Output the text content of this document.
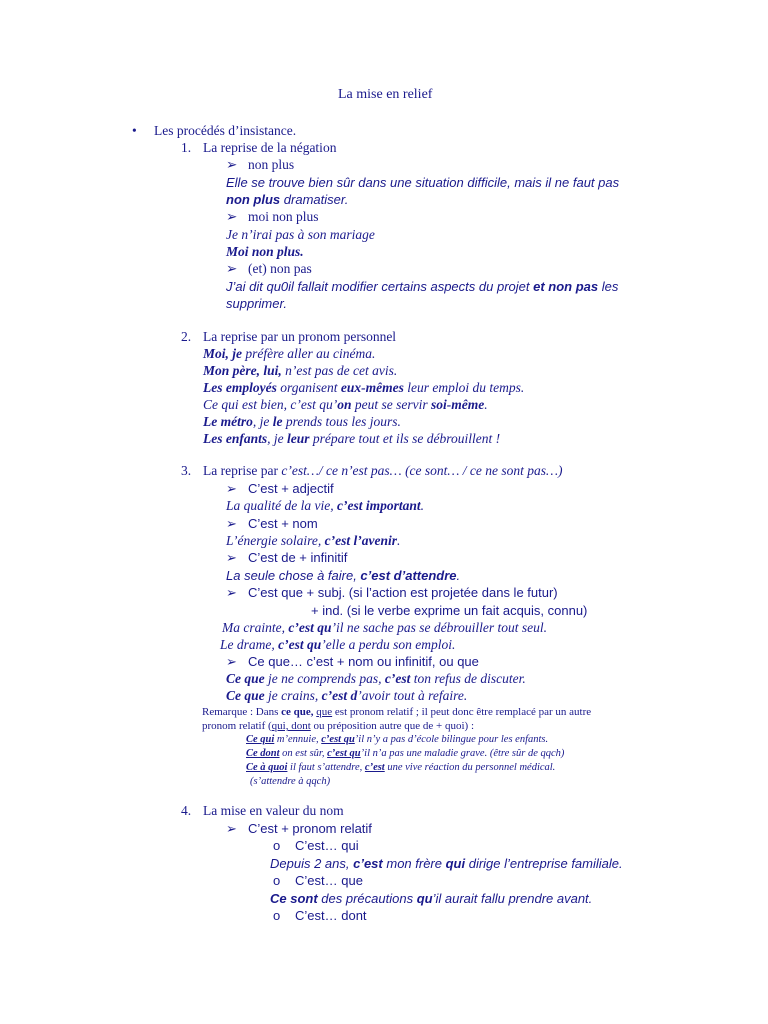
La mise en relief
• Les procédés d’insistance.
1. La reprise de la négation
➢ non plus
Elle se trouve bien sûr dans une situation difficile, mais il ne faut pas
non plus dramatiser.
➢ moi non plus
Je n’irai pas à son mariage
Moi non plus.
➢ (et) non pas
J’ai dit qu0il fallait modifier certains aspects du projet et non pas les
supprimer.
2. La reprise par un pronom personnel
Moi, je préfère aller au cinéma.
Mon père, lui, n’est pas de cet avis.
Les employés organisent eux-mêmes leur emploi du temps.
Ce qui est bien, c’est qu’on peut se servir soi-même.
Le métro, je le prends tous les jours.
Les enfants, je leur prépare tout et ils se débrouillent !
3. La reprise par c’est…/ ce n’est pas… (ce sont… / ce ne sont pas…)
➢ C’est + adjectif
La qualité de la vie, c’est important.
➢ C’est + nom
L’énergie solaire, c’est l’avenir.
➢ C’est de + infinitif
La seule chose à faire, c’est d’attendre.
➢ C’est que + subj. (si l’action est projetée dans le futur)
+ ind. (si le verbe exprime un fait acquis, connu)
Ma crainte, c’est qu’il ne sache pas se débrouiller tout seul.
Le drame, c’est qu’elle a perdu son emploi.
➢ Ce que… c’est + nom ou infinitif, ou que
Ce que je ne comprends pas, c’est ton refus de discuter.
Ce que je crains, c’est d’avoir tout à refaire.
Remarque : Dans ce que, que est pronom relatif ; il peut donc être remplacé par un autre
pronom relatif (qui, dont ou préposition autre que de + quoi) :
Ce qui m’ennuie, c’est qu’il n’y a pas d’école bilingue pour les enfants.
Ce dont on est sûr, c’est qu’il n’a pas une maladie grave. (être sûr de qqch)
Ce à quoi il faut s’attendre, c’est une vive réaction du personnel médical.
(s’attendre à qqch)
4. La mise en valeur du nom
➢ C’est + pronom relatif
o C’est… qui
Depuis 2 ans, c’est mon frère qui dirige l’entreprise familiale.
o C’est… que
Ce sont des précautions qu’il aurait fallu prendre avant.
o C’est… dont
